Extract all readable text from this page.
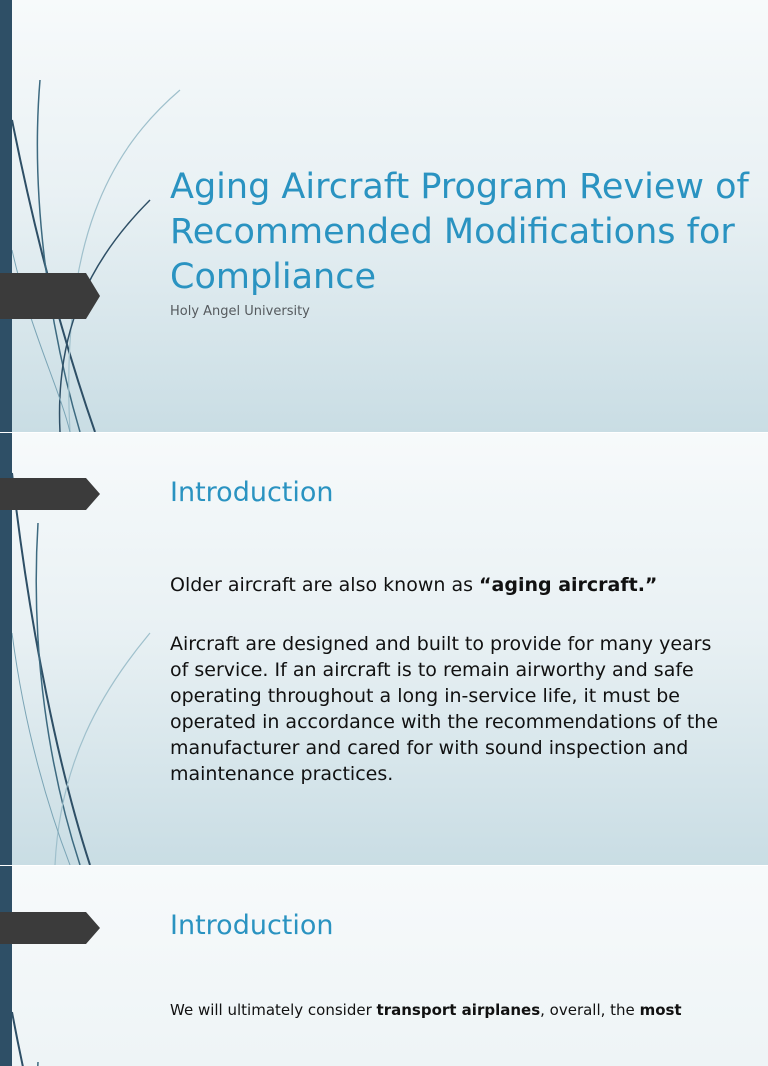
Aging Aircraft Program Review of Recommended Modifications for Compliance
Holy Angel University
Introduction

Older aircraft are also known as “aging aircraft.”

Aircraft are designed and built to provide for many years of service. If an aircraft is to remain airworthy and safe operating throughout a long in-service life, it must be operated in accordance with the recommendations of the manufacturer and cared for with sound inspection and maintenance practices.

Introduction

We will ultimately consider transport airplanes, overall, the most
